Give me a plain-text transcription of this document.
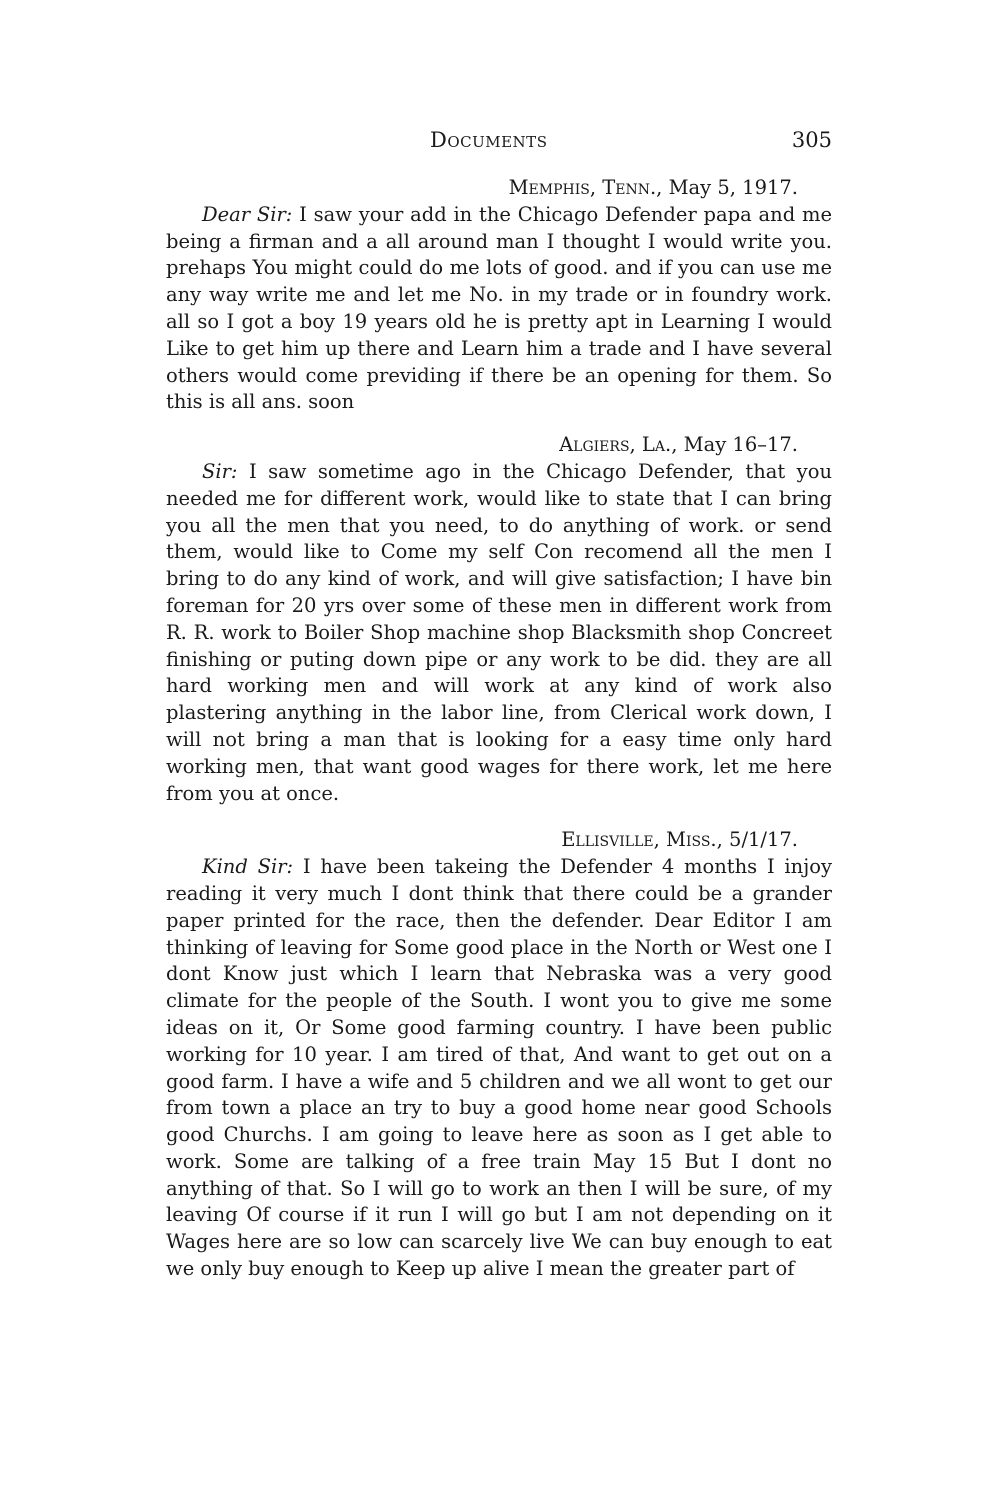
Documents	305

Memphis, Tenn., May 5, 1917.

Dear Sir: I saw your add in the Chicago Defender papa and me being a firman and a all around man I thought I would write you. prehaps You might could do me lots of good. and if you can use me any way write me and let me No. in my trade or in foundry work. all so I got a boy 19 years old he is pretty apt in Learning I would Like to get him up there and Learn him a trade and I have several others would come previding if there be an opening for them. So this is all ans. soon

Algiers, La., May 16–17.

Sir: I saw sometime ago in the Chicago Defender, that you needed me for different work, would like to state that I can bring you all the men that you need, to do anything of work. or send them, would like to Come my self Con recomend all the men I bring to do any kind of work, and will give satisfaction; I have bin foreman for 20 yrs over some of these men in different work from R. R. work to Boiler Shop machine shop Blacksmith shop Concreet finishing or puting down pipe or any work to be did. they are all hard working men and will work at any kind of work also plastering anything in the labor line, from Clerical work down, I will not bring a man that is looking for a easy time only hard working men, that want good wages for there work, let me here from you at once.

Ellisville, Miss., 5/1/17.

Kind Sir: I have been takeing the Defender 4 months I injoy reading it very much I dont think that there could be a grander paper printed for the race, then the defender. Dear Editor I am thinking of leaving for Some good place in the North or West one I dont Know just which I learn that Nebraska was a very good climate for the people of the South. I wont you to give me some ideas on it, Or Some good farming country. I have been public working for 10 year. I am tired of that, And want to get out on a good farm. I have a wife and 5 children and we all wont to get our from town a place an try to buy a good home near good Schools good Churchs. I am going to leave here as soon as I get able to work. Some are talking of a free train May 15 But I dont no anything of that. So I will go to work an then I will be sure, of my leaving Of course if it run I will go but I am not depending on it Wages here are so low can scarcely live We can buy enough to eat we only buy enough to Keep up alive I mean the greater part of
